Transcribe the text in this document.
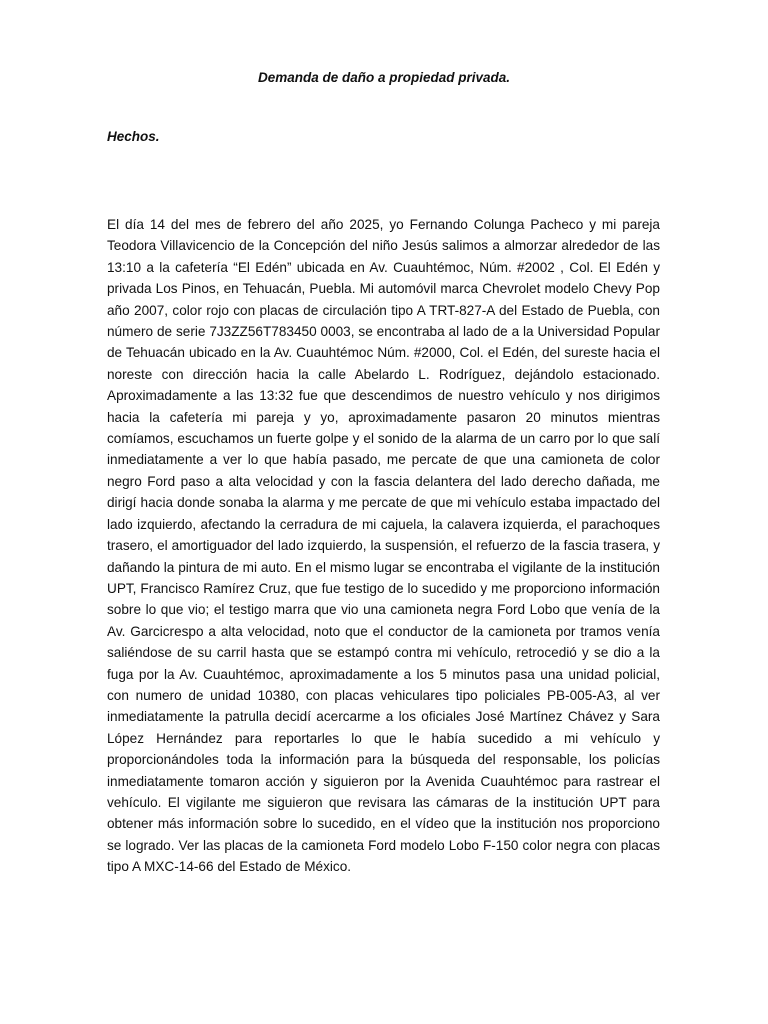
Demanda de daño a propiedad privada.
Hechos.

El día 14 del mes de febrero del año 2025, yo Fernando Colunga Pacheco y mi pareja Teodora Villavicencio de la Concepción del niño Jesús salimos a almorzar alrededor de las 13:10 a la cafetería “El Edén” ubicada en Av. Cuauhtémoc, Núm. #2002 , Col. El Edén y privada Los Pinos, en Tehuacán, Puebla. Mi automóvil marca Chevrolet modelo Chevy Pop año 2007, color rojo con placas de circulación tipo A TRT-827-A del Estado de Puebla, con número de serie 7J3ZZ56T783450 0003, se encontraba al lado de a la Universidad Popular de Tehuacán ubicado en la Av. Cuauhtémoc Núm. #2000, Col. el Edén, del sureste hacia el noreste con dirección hacia la calle Abelardo L. Rodríguez, dejándolo estacionado. Aproximadamente a las 13:32 fue que descendimos de nuestro vehículo y nos dirigimos hacia la cafetería mi pareja y yo, aproximadamente pasaron 20 minutos mientras comíamos, escuchamos un fuerte golpe y el sonido de la alarma de un carro por lo que salí inmediatamente a ver lo que había pasado, me percate de que una camioneta de color negro Ford paso a alta velocidad y con la fascia delantera del lado derecho dañada, me dirigí hacia donde sonaba la alarma y me percate de que mi vehículo estaba impactado del lado izquierdo, afectando la cerradura de mi cajuela, la calavera izquierda, el parachoques trasero, el amortiguador del lado izquierdo, la suspensión, el refuerzo de la fascia trasera, y dañando la pintura de mi auto. En el mismo lugar se encontraba el vigilante de la institución UPT, Francisco Ramírez Cruz, que fue testigo de lo sucedido y me proporciono información sobre lo que vio; el testigo marra que vio una camioneta negra Ford Lobo que venía de la Av. Garcicrespo a alta velocidad, noto que el conductor de la camioneta por tramos venía saliéndose de su carril hasta que se estampó contra mi vehículo, retrocedió y se dio a la fuga por la Av. Cuauhtémoc, aproximadamente a los 5 minutos pasa una unidad policial, con numero de unidad 10380, con placas vehiculares tipo policiales PB-005-A3, al ver inmediatamente la patrulla decidí acercarme a los oficiales José Martínez Chávez y Sara López Hernández para reportarles lo que le había sucedido a mi vehículo y proporcionándoles toda la información para la búsqueda del responsable, los policías inmediatamente tomaron acción y siguieron por la Avenida Cuauhtémoc para rastrear el vehículo. El vigilante me siguieron que revisara las cámaras de la institución UPT para obtener más información sobre lo sucedido, en el vídeo que la institución nos proporciono se logrado. Ver las placas de la camioneta Ford modelo Lobo F-150 color negra con placas tipo A MXC-14-66 del Estado de México.
